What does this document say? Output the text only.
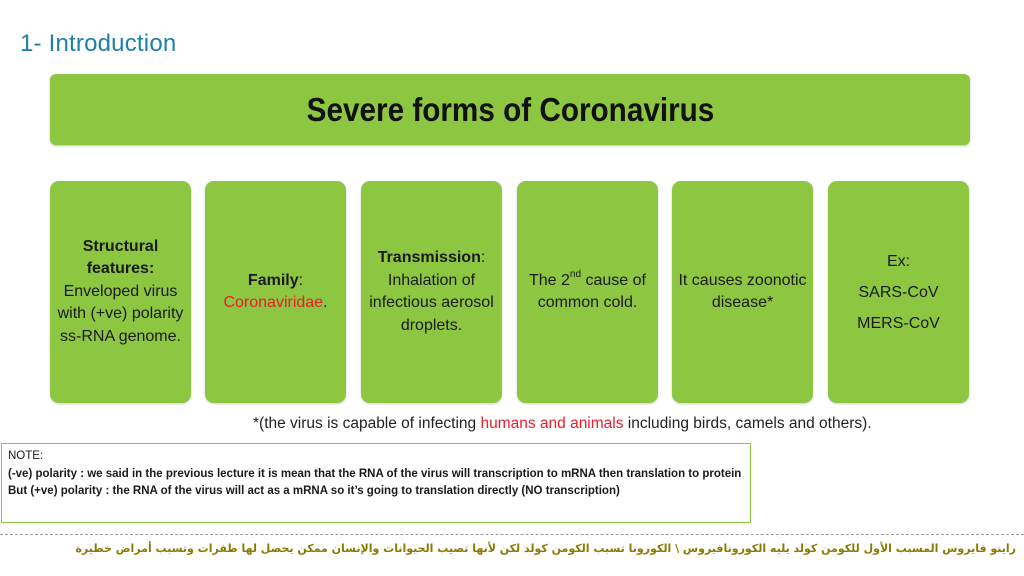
1- Introduction
Severe forms of Coronavirus
Structural features:
Enveloped virus with (+ve) polarity ss-RNA genome.
Family:
Coronaviridae.
Transmission:
Inhalation of infectious aerosol droplets.
The 2nd cause of common cold.
It causes zoonotic disease*
Ex:
SARS-CoV
MERS-CoV
*(the virus is capable of infecting humans and animals including birds, camels and others).
NOTE:
(-ve) polarity : we said in the previous lecture it is mean that the RNA of the virus will transcription to mRNA then translation to protein
But (+ve) polarity : the RNA of the virus will act as a mRNA so it’s going to translation directly (NO transcription)
راينو فايروس المسبب الأول للكومن كولد يليه الكورونافيروس \ الكورونا تسبب الكومن كولد لكن لأنها تصيب الحيوانات والإنسان ممكن يحصل لها طفرات وتسبب أمراض خطيرة
